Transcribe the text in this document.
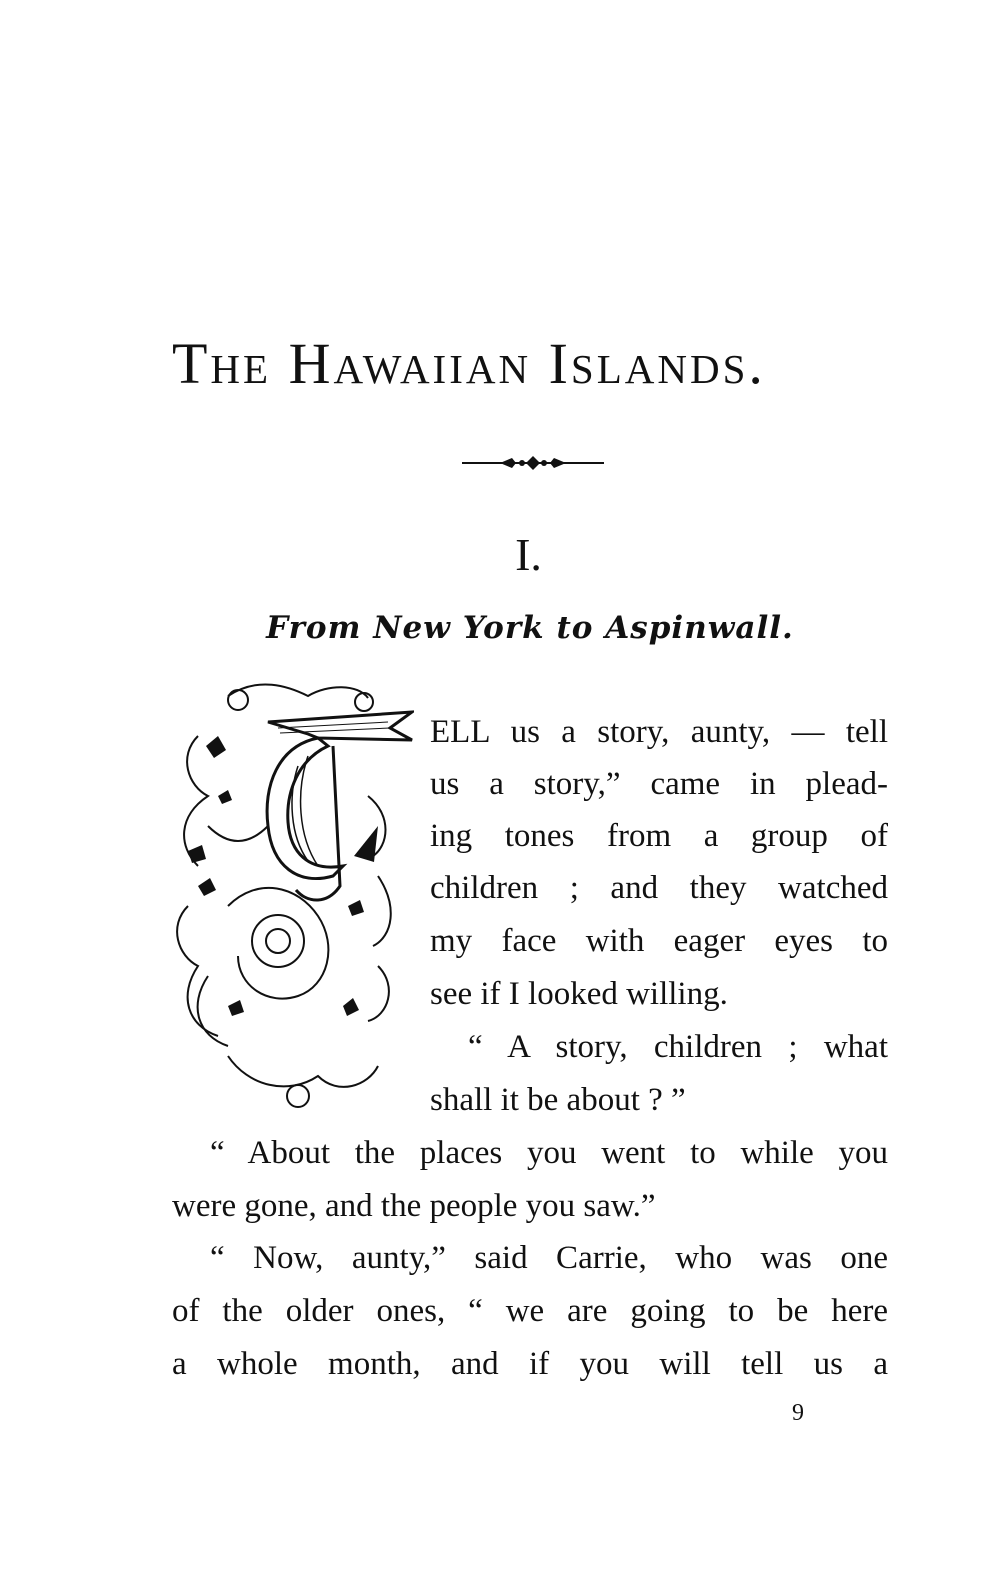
The Hawaiian Islands.
I.
From New York to Aspinwall.
ELL us a story, aunty, — tell
us a story,” came in plead-
ing tones from a group of
children ; and they watched
my face with eager eyes to
see if I looked willing.
“ A story, children ; what
shall it be about ? ”
“ About the places you went to while you
were gone, and the people you saw.”
“ Now, aunty,” said Carrie, who was one
of the older ones, “ we are going to be here
a whole month, and if you will tell us a
9
